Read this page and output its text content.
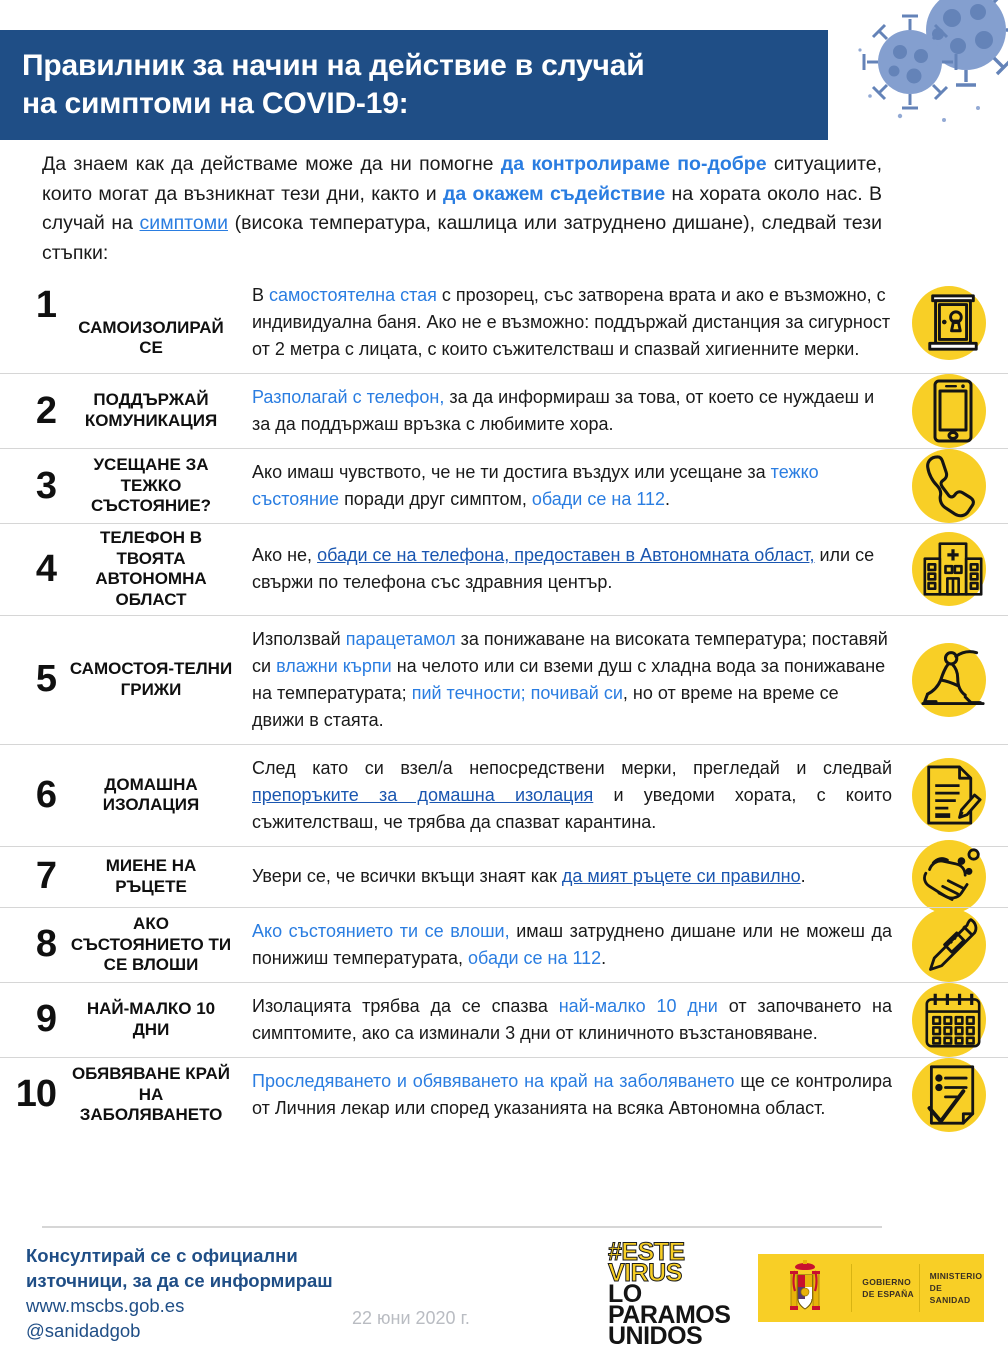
Правилник за начин на действие в случай
на симптоми на COVID-19:
Да знаем как да действаме може да ни помогне да контролираме по-добре ситуациите, които могат да възникнат тези дни, както и да окажем съдействие на хората около нас. В случай на симптоми (висока температура, кашлица или затруднено дишане), следвай тези стъпки:
1
САМОИЗОЛИРАЙ СЕ
В самостоятелна стая с прозорец, със затворена врата и ако е възможно, с индивидуална баня. Ако не е възможно: поддържай дистанция за сигурност от 2 метра с лицата, с които съжителстваш и спазвай хигиенните мерки.
2	ПОДДЪРЖАЙ КОМУНИКАЦИЯ
Разполагай с телефон, за да информираш за това, от което се нуждаеш и за да поддържаш връзка с любимите хора.
3
УСЕЩАНЕ ЗА ТЕЖКО СЪСТОЯНИЕ?
Ако имаш чувството, че не ти достига въздух или усещане за тежко състояние поради друг симптом, обади се на 112.
4
ТЕЛЕФОН В ТВОЯТА АВТОНОМНА ОБЛАСТ
Ако не, обади се на телефона, предоставен в Автономната област, или се свържи по телефона със здравния център.
5 САМОСТОЯ-ТЕЛНИ ГРИЖИ
Използвай парацетамол за понижаване на високата температура; поставяй си влажни кърпи на челото или си вземи душ с хладна вода за понижаване на температурата; пий течности; почивай си, но от време на време се движи в стаята.
6	ДОМАШНА ИЗОЛАЦИЯ
След като си взел/а непосредствени мерки, прегледай и следвай препоръките за домашна изолация и уведоми хората, с които съжителстваш, че трябва да спазват карантина.
7	МИЕНЕ НА РЪЦЕТЕ	Увери се, че всички вкъщи знаят как да мият ръцете си правилно.
8
АКО СЪСТОЯНИЕТО ТИ СЕ ВЛОШИ
Ако състоянието ти се влоши, имаш затруднено дишане или не можеш да понижиш температурата, обади се на 112.
9	НАЙ-МАЛКО 10 ДНИ
Изолацията трябва да се спазва най-малко 10 дни от започването на симптомите, ако са изминали 3 дни от клиничното възстановяване.
10
ОБЯВЯВАНЕ КРАЙ НА ЗАБОЛЯВАНЕТО
Проследяването и обявяването на край на заболяването ще се контролира от Личния лекар или според указанията на всяка Автономна област.
Консултирай се с официални
източници, за да се информираш
www.mscbs.gob.es
@sanidadgob
22 юни 2020 г.
#ESTE
VIRUS
LO
PARAMOS
UNIDOS
GOBIERNO
DE ESPAÑA
MINISTERIO
DE SANIDAD
